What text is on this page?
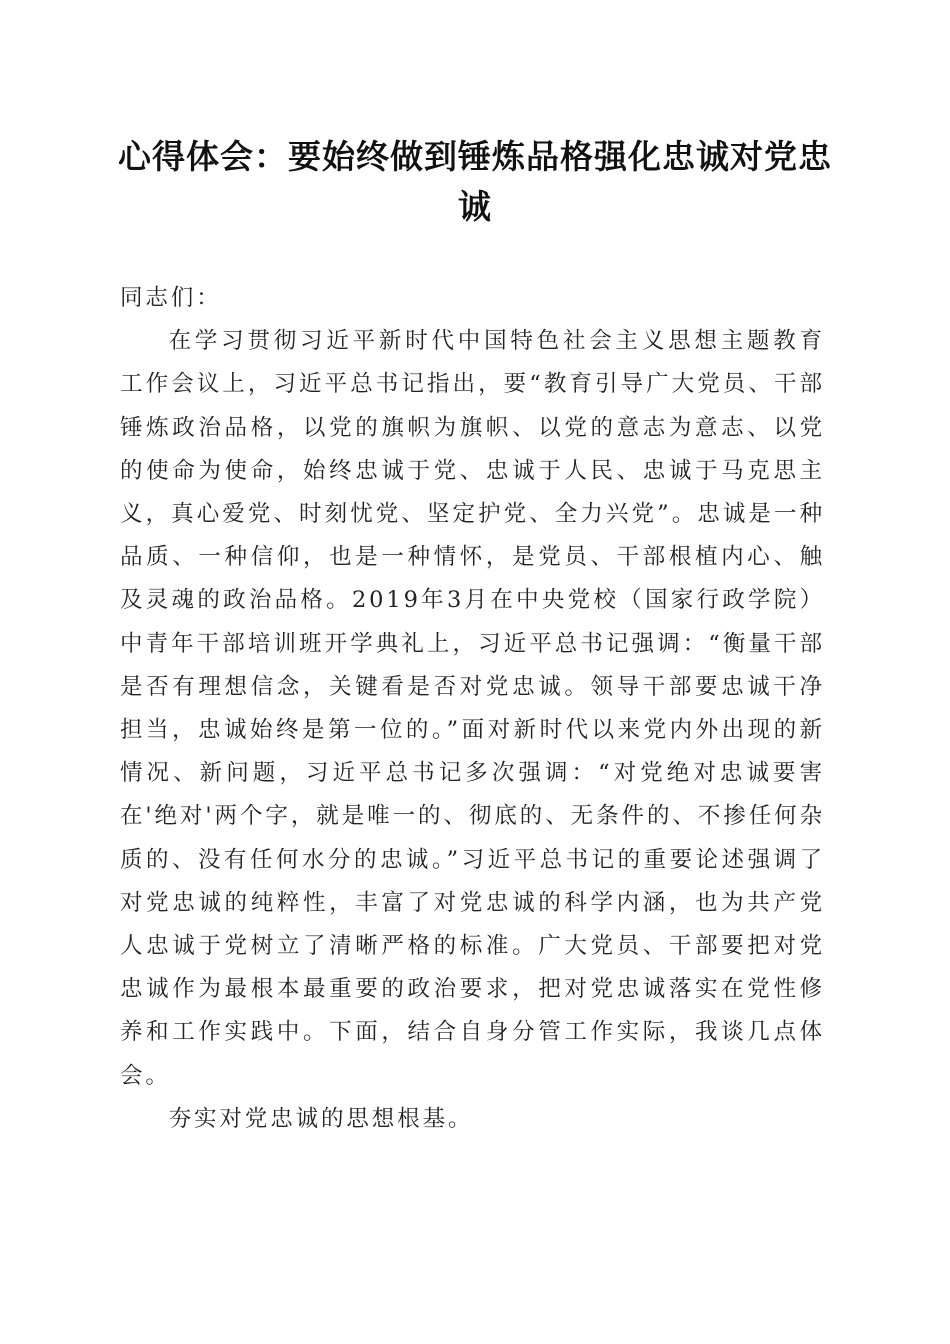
心得体会：要始终做到锤炼品格强化忠诚对党忠诚

同志们：

在学习贯彻习近平新时代中国特色社会主义思想主题教育工作会议上，习近平总书记指出，要“教育引导广大党员、干部锤炼政治品格，以党的旗帜为旗帜、以党的意志为意志、以党的使命为使命，始终忠诚于党、忠诚于人民、忠诚于马克思主义，真心爱党、时刻忧党、坚定护党、全力兴党”。忠诚是一种品质、一种信仰，也是一种情怀，是党员、干部根植内心、触及灵魂的政治品格。2019年3月在中央党校（国家行政学院）中青年干部培训班开学典礼上，习近平总书记强调：“衡量干部是否有理想信念，关键看是否对党忠诚。领导干部要忠诚干净担当，忠诚始终是第一位的。”面对新时代以来党内外出现的新情况、新问题，习近平总书记多次强调：“对党绝对忠诚要害在'绝对'两个字，就是唯一的、彻底的、无条件的、不掺任何杂质的、没有任何水分的忠诚。”习近平总书记的重要论述强调了对党忠诚的纯粹性，丰富了对党忠诚的科学内涵，也为共产党人忠诚于党树立了清晰严格的标准。广大党员、干部要把对党忠诚作为最根本最重要的政治要求，把对党忠诚落实在党性修养和工作实践中。下面，结合自身分管工作实际，我谈几点体会。

夯实对党忠诚的思想根基。
